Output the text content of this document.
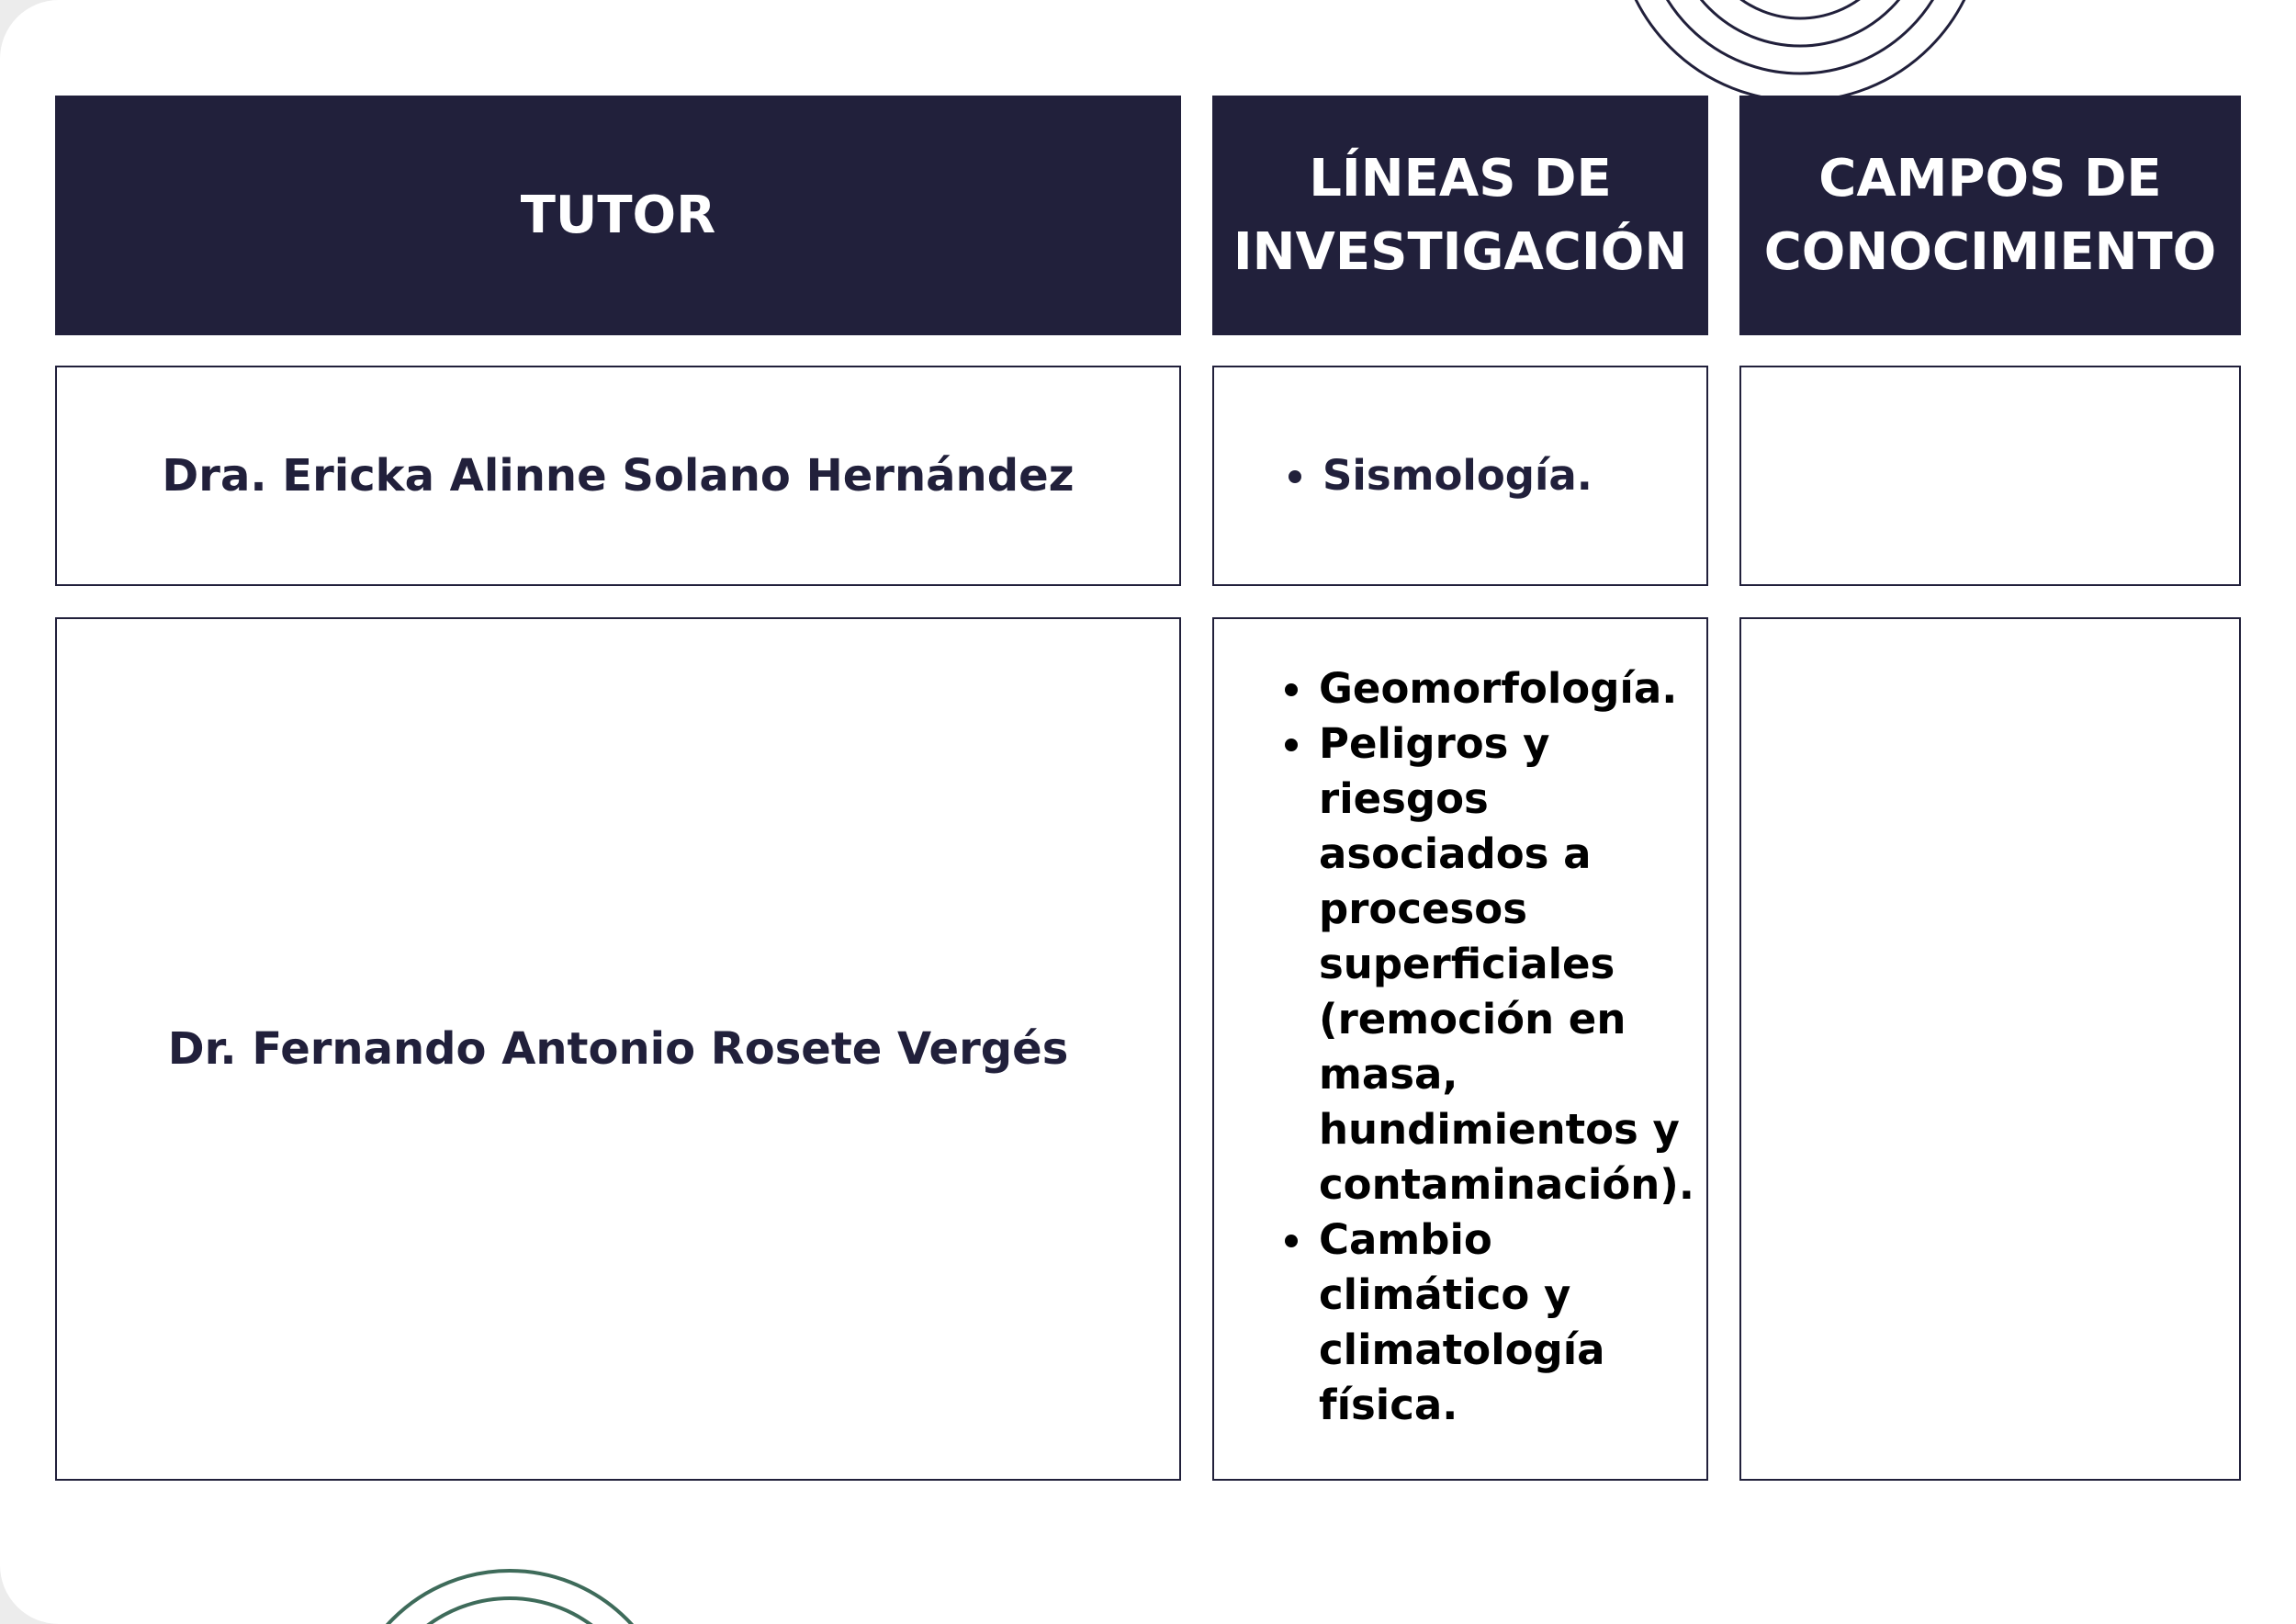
TUTOR
LÍNEAS DE
INVESTIGACIÓN
CAMPOS DE
CONOCIMIENTO
Dra. Ericka Alinne Solano Hernández
•	Sismología.
Dr. Fernando Antonio Rosete Vergés
• Geomorfología.
• Peligros y riesgos asociados a procesos superficiales (remoción en masa, hundimientos y contaminación).
• Cambio climático y climatología física.
